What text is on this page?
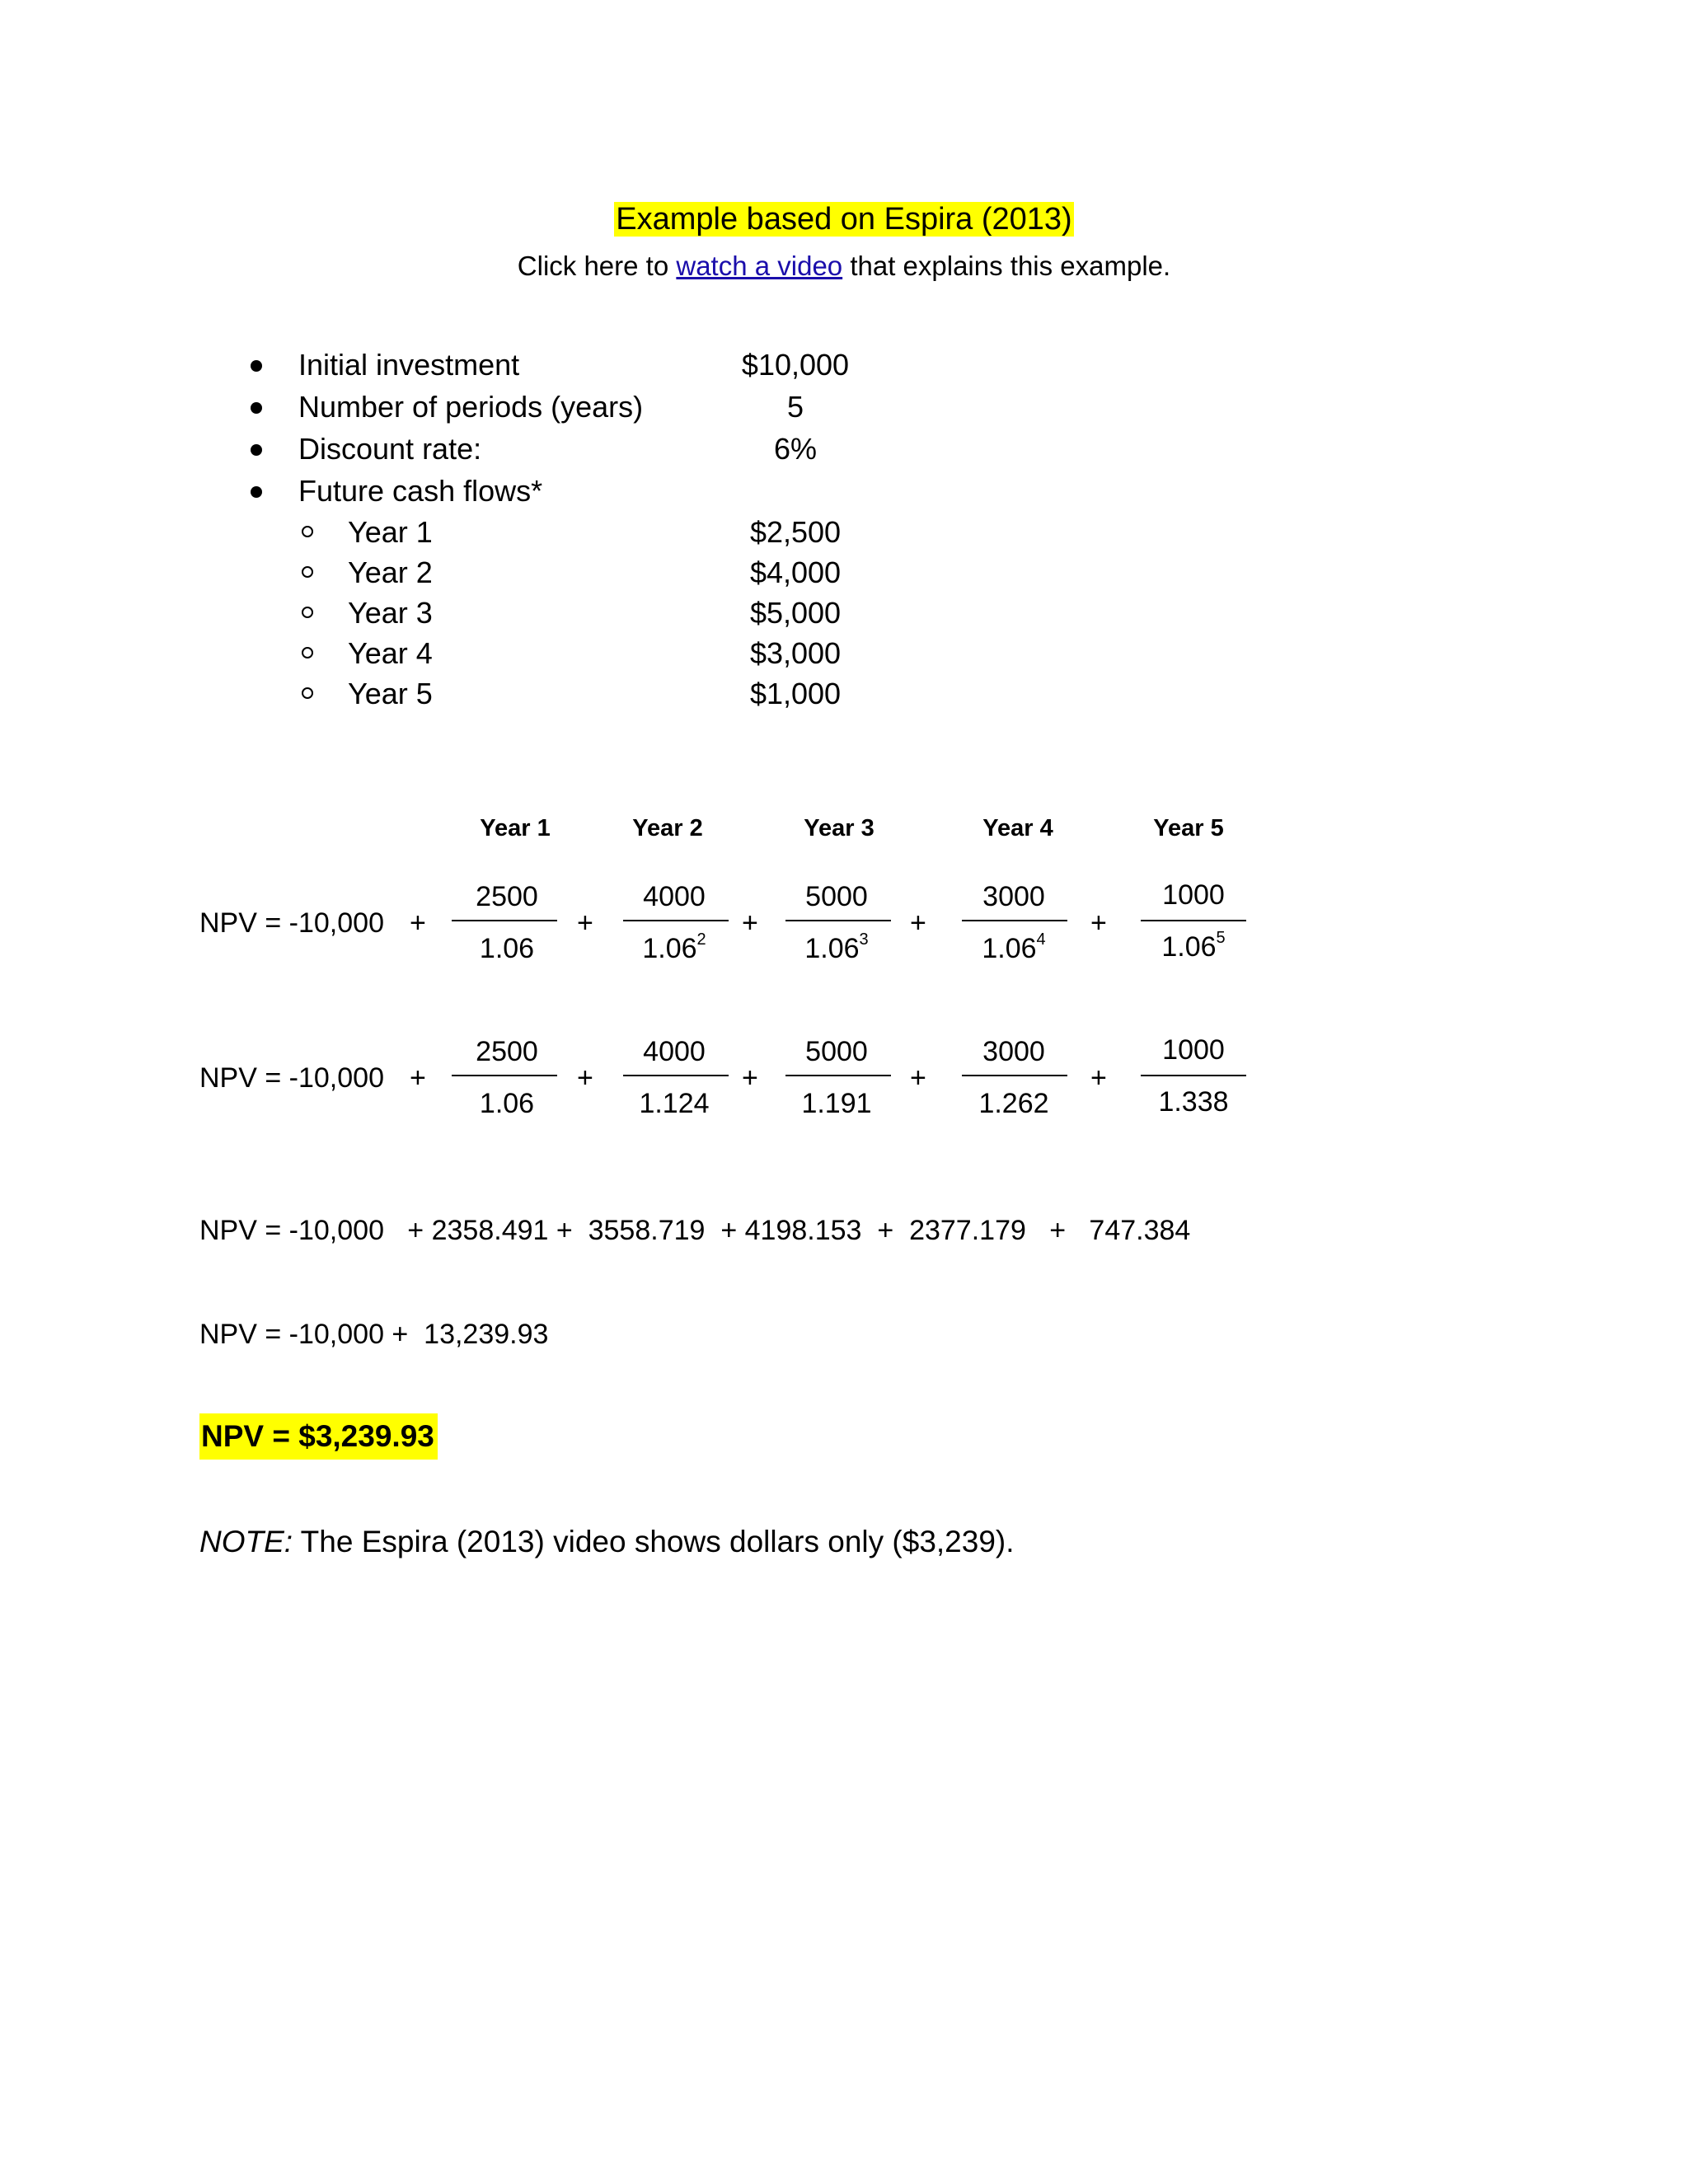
Example based on Espira (2013)
Click here to watch a video that explains this example.
Initial investment	$10,000
Number of periods (years)	5
Discount rate:	6%
Future cash flows*
Year 1	$2,500
Year 2	$4,000
Year 3	$5,000
Year 4	$3,000
Year 5	$1,000
Year 1	Year 2	Year 3	Year 4	Year 5
NPV = -10,000 +
2500
1.06
+
4000
$1.06^2$
+
5000
$1.06^3$
+
3000
$1.06^4$
+
1000
1.06$^5$
NPV = -10,000 +
2500
1.06
+
4000
1.124
+
5000
1.191
+
3000
1.262
+
1000
1.338
NPV = -10,000   + 2358.491 +  3558.719  + 4198.153  +  2377.179   +   747.384
NPV = -10,000 +  13,239.93
NPV = $3,239.93
NOTE: The Espira (2013) video shows dollars only ($3,239).
